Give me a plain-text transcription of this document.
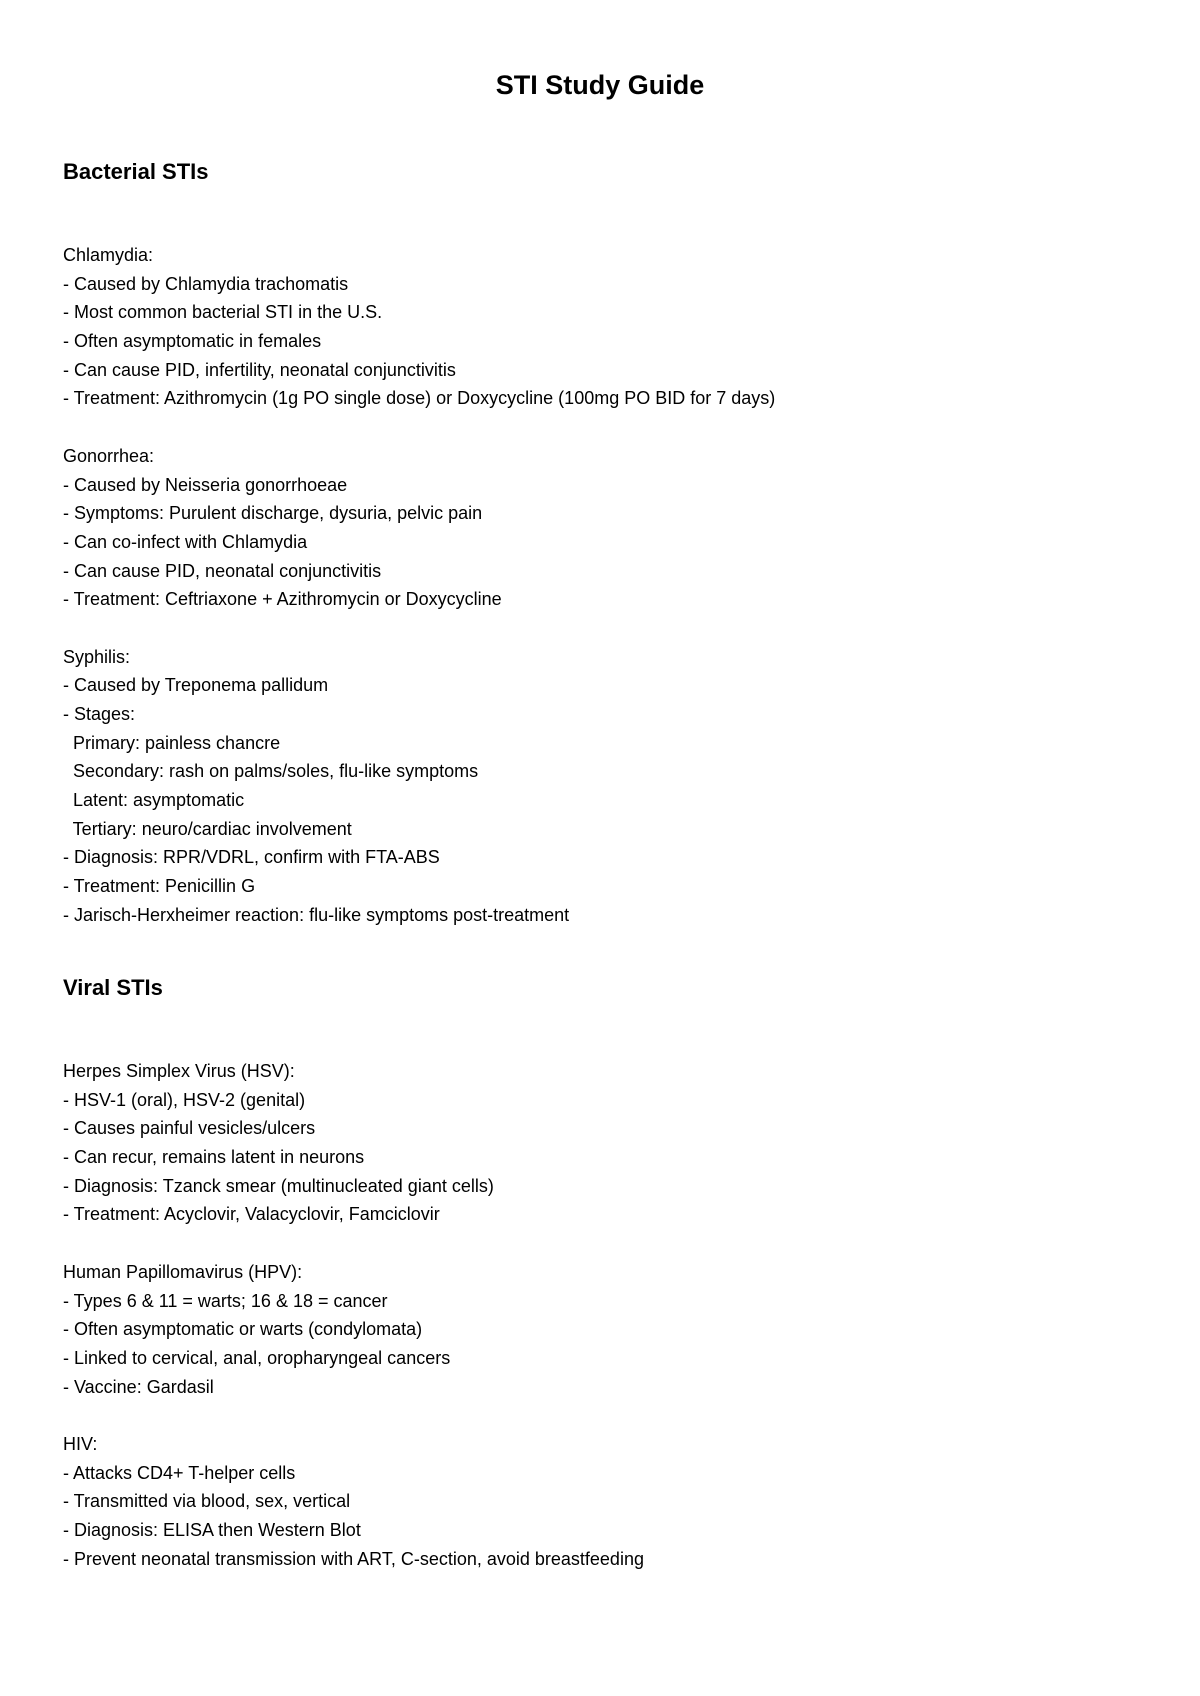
STI Study Guide
Bacterial STIs
Chlamydia:
- Caused by Chlamydia trachomatis
- Most common bacterial STI in the U.S.
- Often asymptomatic in females
- Can cause PID, infertility, neonatal conjunctivitis
- Treatment: Azithromycin (1g PO single dose) or Doxycycline (100mg PO BID for 7 days)
Gonorrhea:
- Caused by Neisseria gonorrhoeae
- Symptoms: Purulent discharge, dysuria, pelvic pain
- Can co-infect with Chlamydia
- Can cause PID, neonatal conjunctivitis
- Treatment: Ceftriaxone + Azithromycin or Doxycycline
Syphilis:
- Caused by Treponema pallidum
- Stages:
Primary: painless chancre
Secondary: rash on palms/soles, flu-like symptoms
Latent: asymptomatic
Tertiary: neuro/cardiac involvement
- Diagnosis: RPR/VDRL, confirm with FTA-ABS
- Treatment: Penicillin G
- Jarisch-Herxheimer reaction: flu-like symptoms post-treatment
Viral STIs
Herpes Simplex Virus (HSV):
- HSV-1 (oral), HSV-2 (genital)
- Causes painful vesicles/ulcers
- Can recur, remains latent in neurons
- Diagnosis: Tzanck smear (multinucleated giant cells)
- Treatment: Acyclovir, Valacyclovir, Famciclovir
Human Papillomavirus (HPV):
- Types 6 & 11 = warts; 16 & 18 = cancer
- Often asymptomatic or warts (condylomata)
- Linked to cervical, anal, oropharyngeal cancers
- Vaccine: Gardasil
HIV:
- Attacks CD4+ T-helper cells
- Transmitted via blood, sex, vertical
- Diagnosis: ELISA then Western Blot
- Prevent neonatal transmission with ART, C-section, avoid breastfeeding
